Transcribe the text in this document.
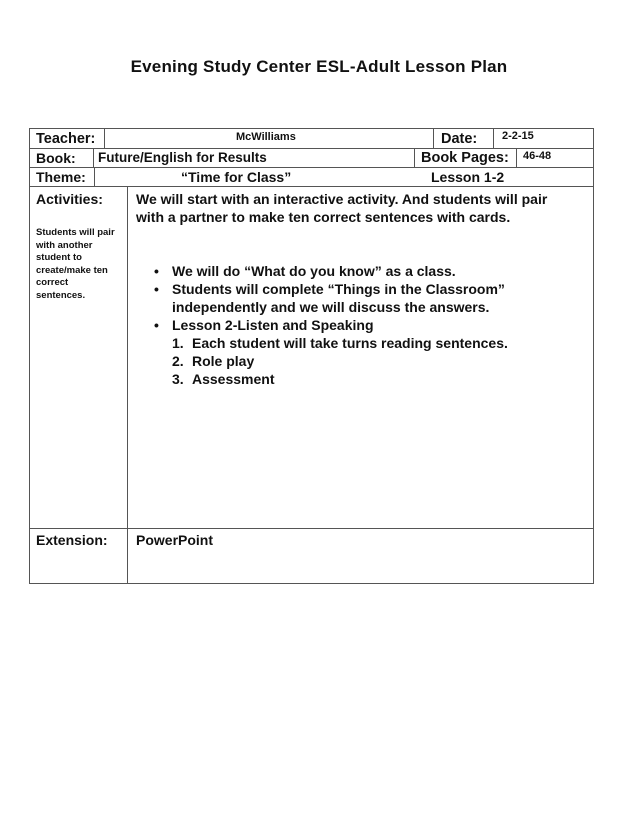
Evening Study Center ESL-Adult Lesson Plan
Teacher:	McWilliams	Date: 2-2-15
Book: Future/English for Results	Book Pages: 46-48
Theme:	“Time for Class”	Lesson 1-2
Activities:
Students will pair
with another
student to
create/make ten
correct
sentences.
We will start with an interactive activity. And students will pair
with a partner to make ten correct sentences with cards.
• We will do “What do you know” as a class.
• Students will complete “Things in the Classroom”
independently and we will discuss the answers.
• Lesson 2-Listen and Speaking
1. Each student will take turns reading sentences.
2. Role play
3. Assessment
Extension: PowerPoint
